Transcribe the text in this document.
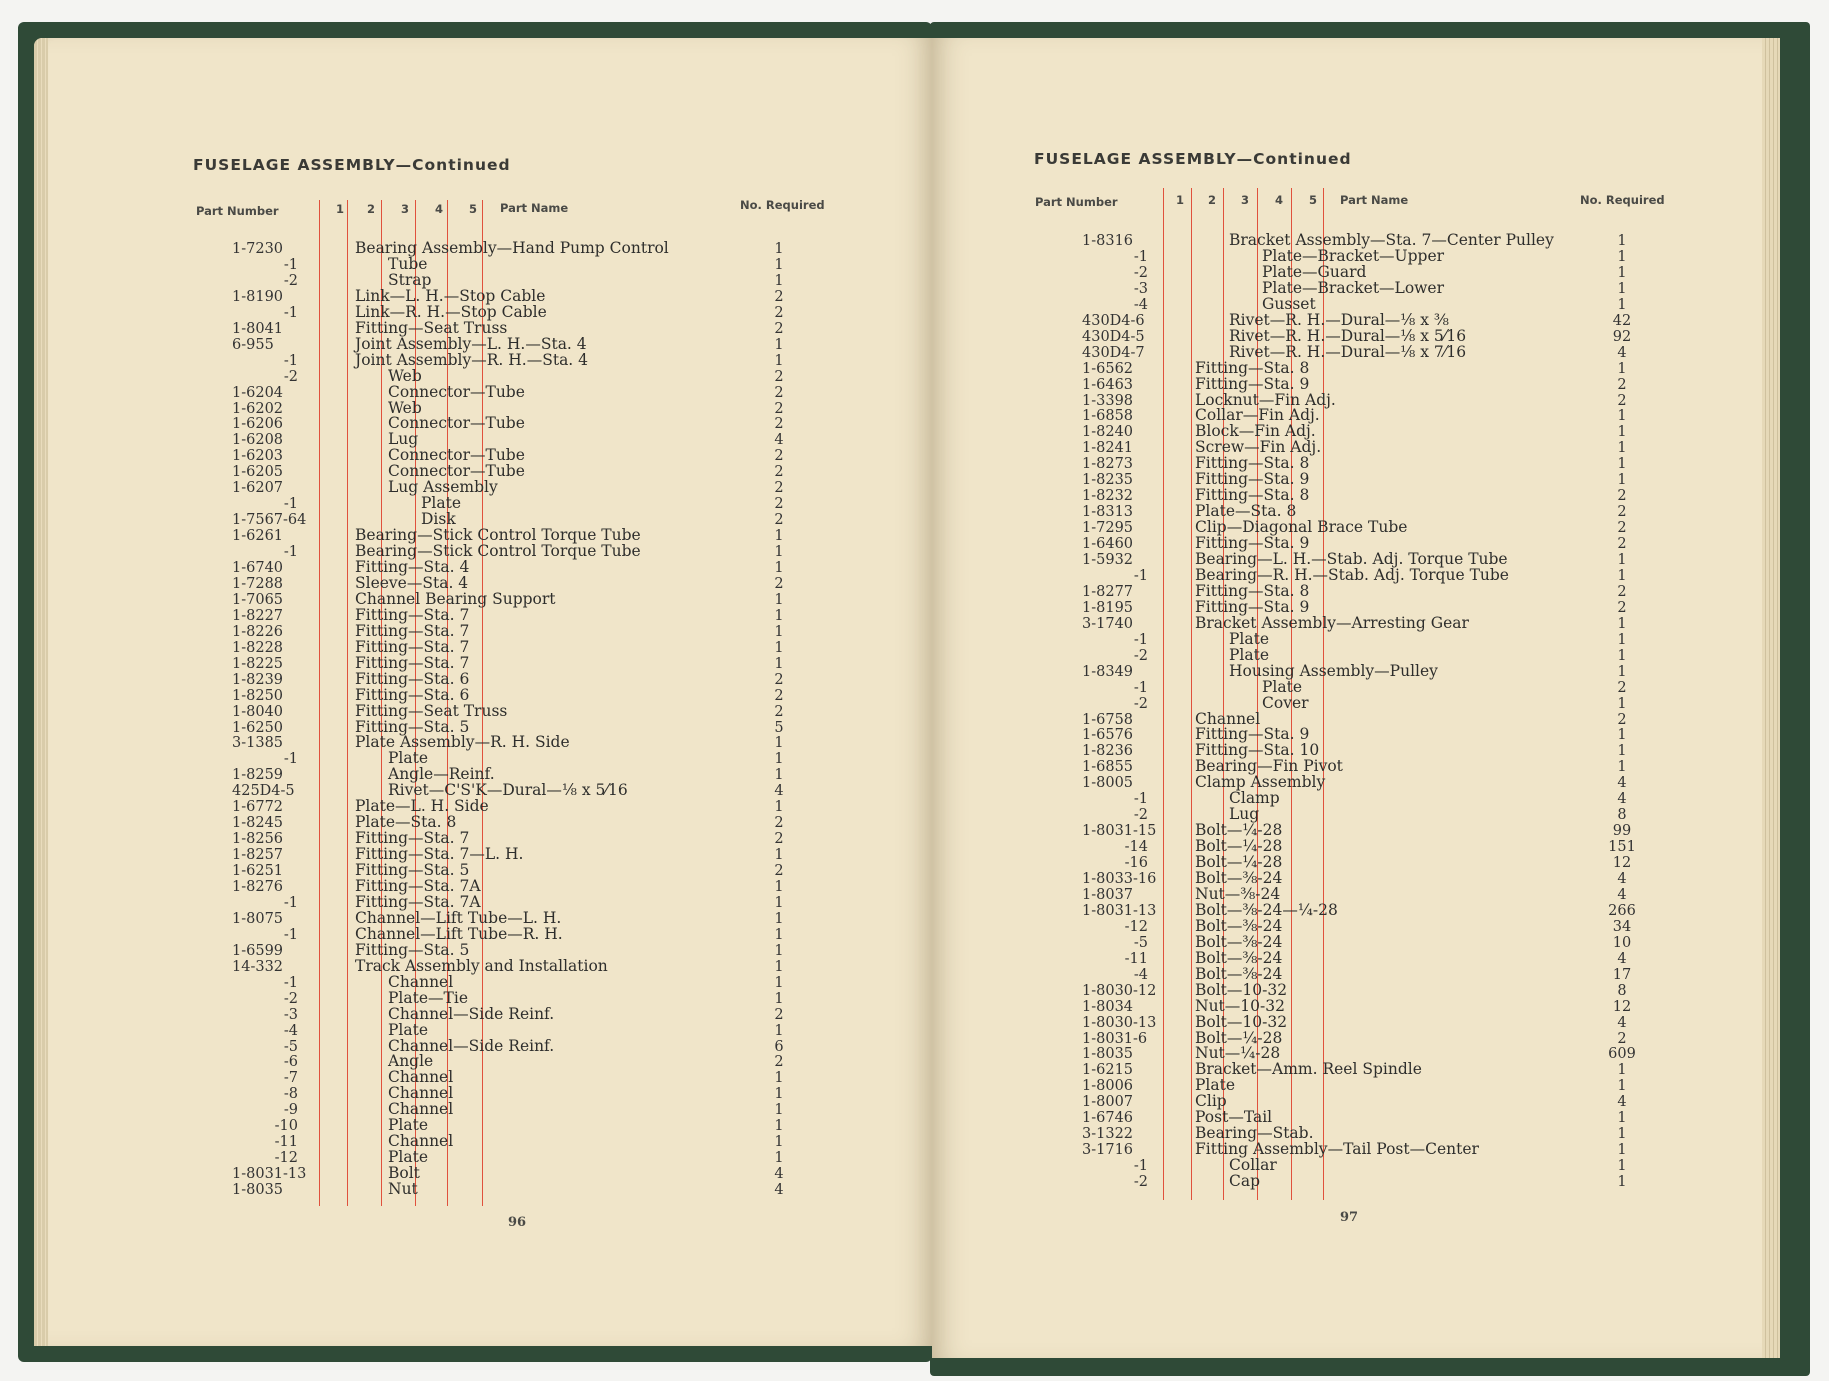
FUSELAGE ASSEMBLY—Continued
Part Number	1 2 3 4 5 Part Name	No. Required
1-7230	Bearing Assembly—Hand Pump Control	1
-1	Tube	1
-2	Strap	1
1-8190	Link—L. H.—Stop Cable	2
-1	Link—R. H.—Stop Cable	2
1-8041	Fitting—Seat Truss	2
6-955	Joint Assembly—L. H.—Sta. 4	1
-1	Joint Assembly—R. H.—Sta. 4	1
-2	Web	2
1-6204	Connector—Tube	2
1-6202	Web	2
1-6206	Connector—Tube	2
1-6208	Lug	4
1-6203	Connector—Tube	2
1-6205	Connector—Tube	2
1-6207	Lug Assembly	2
-1	Plate	2
1-7567-64	Disk	2
1-6261	Bearing—Stick Control Torque Tube	1
-1	Bearing—Stick Control Torque Tube	1
1-6740	Fitting—Sta. 4	1
1-7288	Sleeve—Sta. 4	2
1-7065	Channel Bearing Support	1
1-8227	Fitting—Sta. 7	1
1-8226	Fitting—Sta. 7	1
1-8228	Fitting—Sta. 7	1
1-8225	Fitting—Sta. 7	1
1-8239	Fitting—Sta. 6	2
1-8250	Fitting—Sta. 6	2
1-8040	Fitting—Seat Truss	2
1-6250	Fitting—Sta. 5	5
3-1385	Plate Assembly—R. H. Side	1
-1	Plate	1
1-8259	Angle—Reinf.	1
425D4-5	Rivet—C'S'K—Dural—⅛ x 5⁄16	4
1-6772	Plate—L. H. Side	1
1-8245	Plate—Sta. 8	2
1-8256	Fitting—Sta. 7	2
1-8257	Fitting—Sta. 7—L. H.	1
1-6251	Fitting—Sta. 5	2
1-8276	Fitting—Sta. 7A	1
-1	Fitting—Sta. 7A	1
1-8075	Channel—Lift Tube—L. H.	1
-1	Channel—Lift Tube—R. H.	1
1-6599	Fitting—Sta. 5	1
14-332	Track Assembly and Installation	1
-1	Channel	1
-2	Plate—Tie	1
-3	Channel—Side Reinf.	2
-4	Plate	1
-5	Channel—Side Reinf.	6
-6	Angle	2
-7	Channel	1
-8	Channel	1
-9	Channel	1
-10	Plate	1
-11	Channel	1
-12	Plate	1
1-8031-13	Bolt	4
1-8035	Nut	4
96
FUSELAGE ASSEMBLY—Continued
Part Number	1 2 3 4 5 Part Name	No. Required
1-8316	Bracket Assembly—Sta. 7—Center Pulley	1
-1	Plate—Bracket—Upper	1
-2	Plate—Guard	1
-3	Plate—Bracket—Lower	1
-4	Gusset	1
430D4-6	Rivet—R. H.—Dural—⅛ x ⅜	42
430D4-5	Rivet—R. H.—Dural—⅛ x 5⁄16	92
430D4-7	Rivet—R. H.—Dural—⅛ x 7⁄16	4
1-6562	Fitting—Sta. 8	1
1-6463	Fitting—Sta. 9	2
1-3398	Locknut—Fin Adj.	2
1-6858	Collar—Fin Adj.	1
1-8240	Block—Fin Adj.	1
1-8241	Screw—Fin Adj.	1
1-8273	Fitting—Sta. 8	1
1-8235	Fitting—Sta. 9	1
1-8232	Fitting—Sta. 8	2
1-8313	Plate—Sta. 8	2
1-7295	Clip—Diagonal Brace Tube	2
1-6460	Fitting—Sta. 9	2
1-5932	Bearing—L. H.—Stab. Adj. Torque Tube	1
-1	Bearing—R. H.—Stab. Adj. Torque Tube	1
1-8277	Fitting—Sta. 8	2
1-8195	Fitting—Sta. 9	2
3-1740	Bracket Assembly—Arresting Gear	1
-1	Plate	1
-2	Plate	1
1-8349	Housing Assembly—Pulley	1
-1	Plate	2
-2	Cover	1
1-6758	Channel	2
1-6576	Fitting—Sta. 9	1
1-8236	Fitting—Sta. 10	1
1-6855	Bearing—Fin Pivot	1
1-8005	Clamp Assembly	4
-1	Clamp	4
-2	Lug	8
1-8031-15 Bolt—¼-28	99
-14	Bolt—¼-28	151
-16	Bolt—¼-28	12
1-8033-16 Bolt—⅜-24	4
1-8037	Nut—⅜-24	4
1-8031-13 Bolt—⅜-24—¼-28	266
-12	Bolt—⅜-24	34
-5	Bolt—⅜-24	10
-11	Bolt—⅜-24	4
-4	Bolt—⅜-24	17
1-8030-12 Bolt—10-32	8
1-8034	Nut—10-32	12
1-8030-13 Bolt—10-32	4
1-8031-6	Bolt—¼-28	2
1-8035	Nut—¼-28	609
1-6215	Bracket—Amm. Reel Spindle	1
1-8006	Plate	1
1-8007	Clip	4
1-6746	Post—Tail	1
3-1322	Bearing—Stab.	1
3-1716	Fitting Assembly—Tail Post—Center	1
-1	Collar	1
-2	Cap	1
97
